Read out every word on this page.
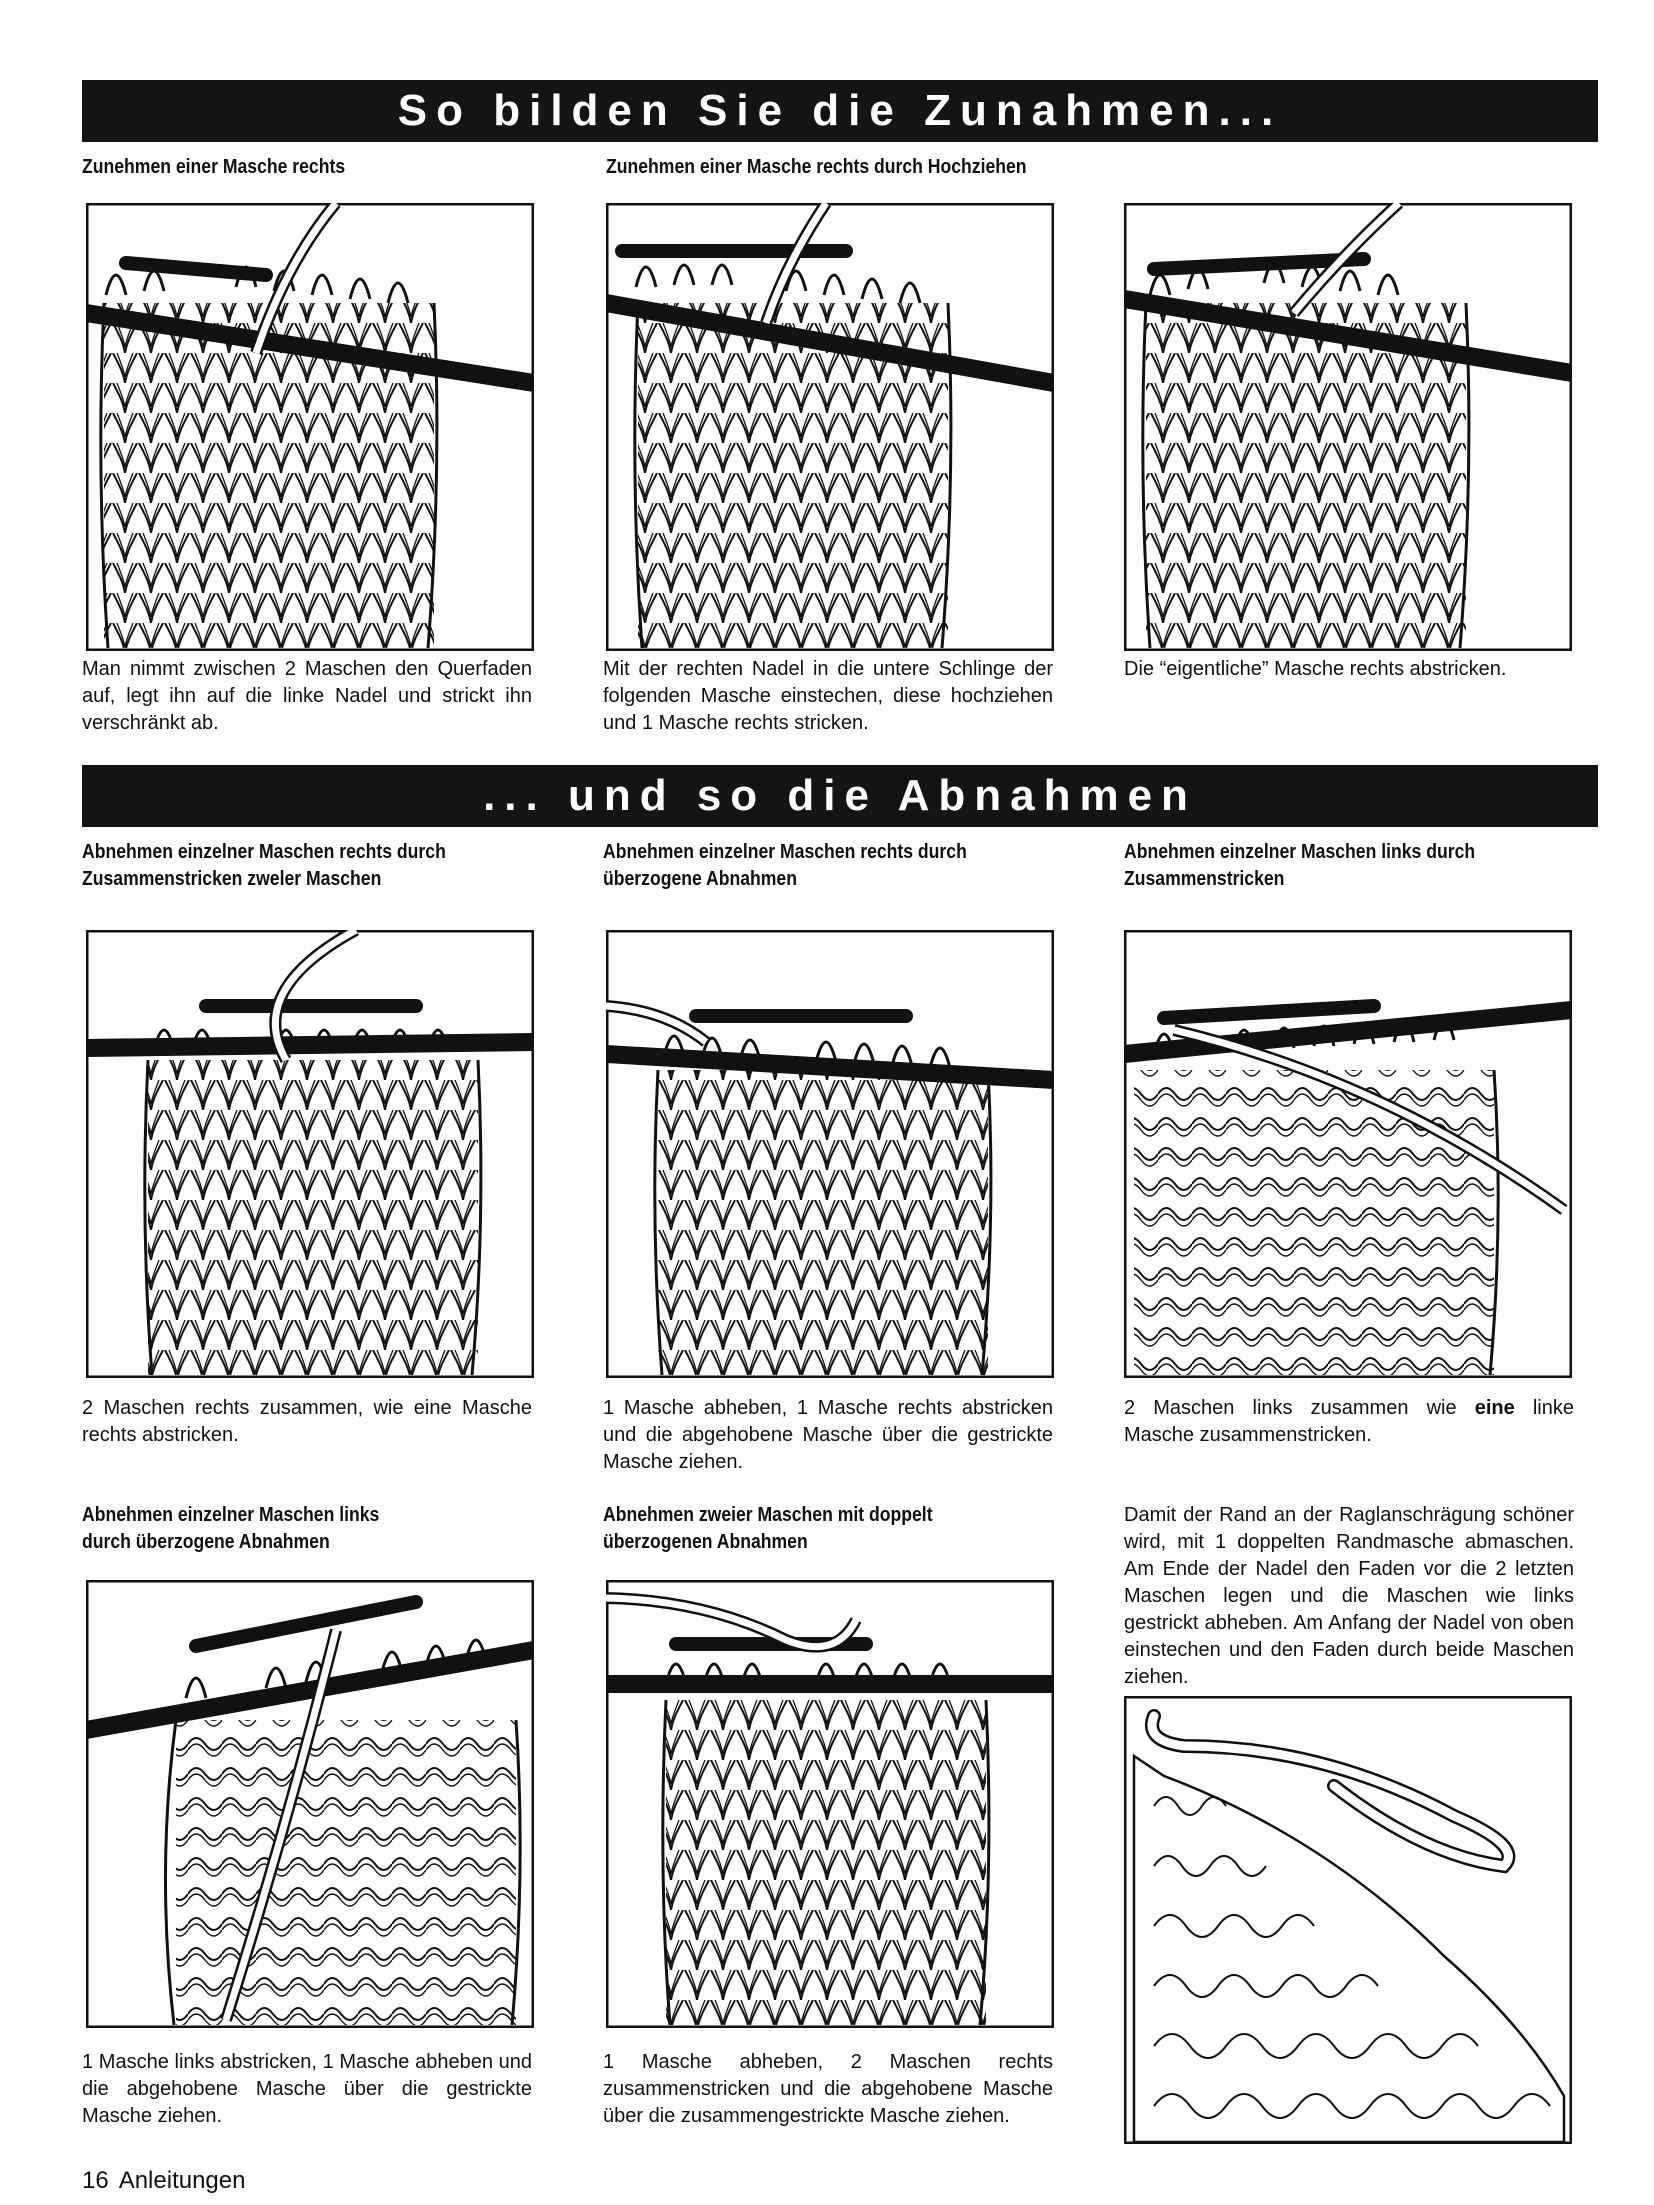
So bilden Sie die Zunahmen...
Zunehmen einer Masche rechts	Zunehmen einer Masche rechts durch Hochziehen
Man nimmt zwischen 2 Maschen den Querfaden auf, legt ihn auf die linke Nadel und strickt ihn verschränkt ab.
Mit der rechten Nadel in die untere Schlinge der folgenden Masche einstechen, diese hochziehen und 1 Masche rechts stricken.
Die “eigentliche” Masche rechts abstricken.
... und so die Abnahmen
Abnehmen einzelner Maschen rechts durch
Zusammenstricken zweler Maschen
Abnehmen einzelner Maschen rechts durch
überzogene Abnahmen
Abnehmen einzelner Maschen links durch
Zusammenstricken
2 Maschen rechts zusammen, wie eine Masche rechts abstricken.
1 Masche abheben, 1 Masche rechts abstricken und die abgehobene Masche über die gestrickte Masche ziehen.
2 Maschen links zusammen wie eine linke Masche zusammenstricken.
Abnehmen einzelner Maschen links
durch überzogene Abnahmen
Abnehmen zweier Maschen mit doppelt
überzogenen Abnahmen
Damit der Rand an der Raglanschrägung schöner wird, mit 1 doppelten Randmasche abmaschen. Am Ende der Nadel den Faden vor die 2 letzten Maschen legen und die Maschen wie links gestrickt abheben. Am Anfang der Nadel von oben einstechen und den Faden durch beide Maschen ziehen.
1 Masche links abstricken, 1 Masche abheben und die abgehobene Masche über die gestrickte Masche ziehen.
1 Masche abheben, 2 Maschen rechts zusammenstricken und die abgehobene Masche über die zusammengestrickte Masche ziehen.
16 Anleitungen
